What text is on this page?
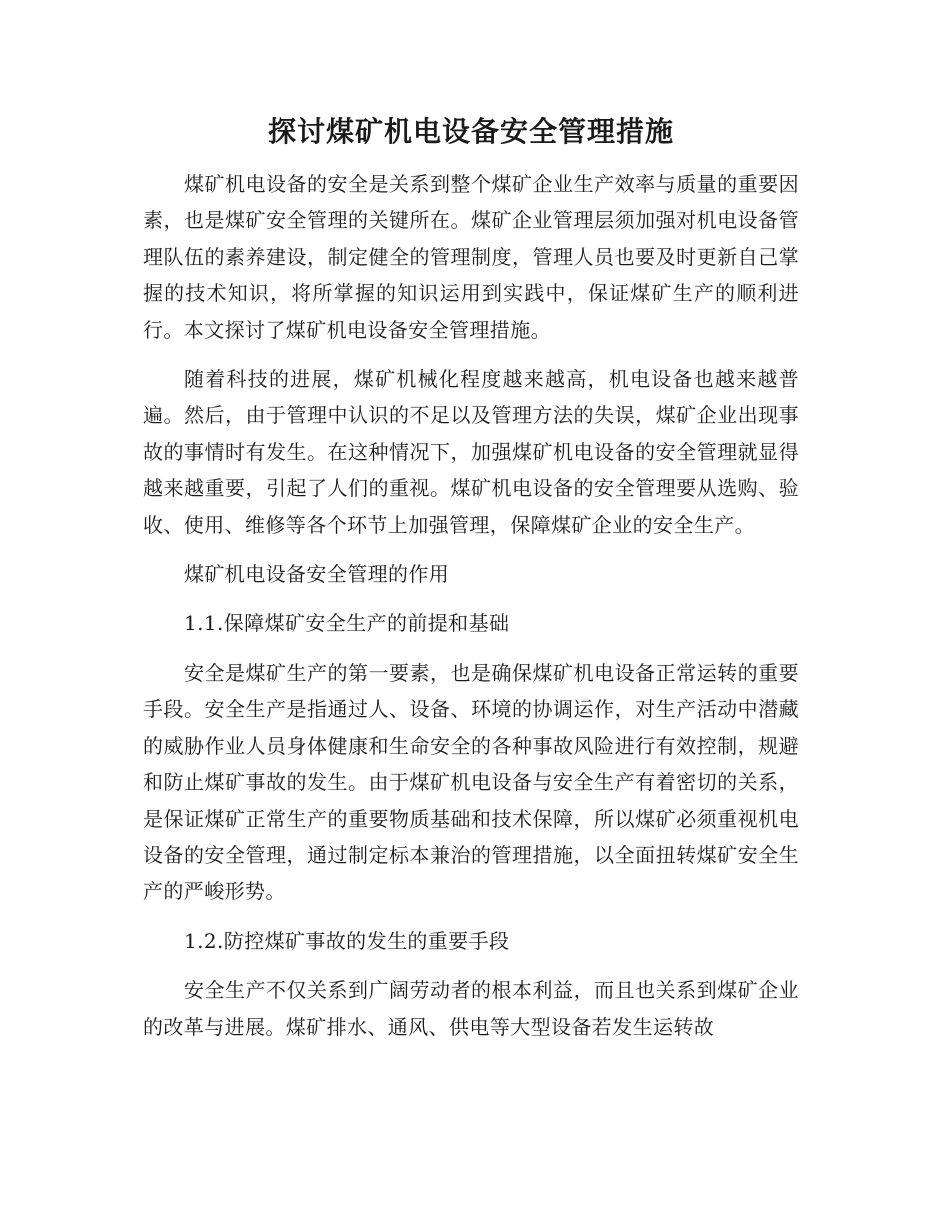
探讨煤矿机电设备安全管理措施

煤矿机电设备的安全是关系到整个煤矿企业生产效率与质量的重要因素，也是煤矿安全管理的关键所在。煤矿企业管理层须加强对机电设备管理队伍的素养建设，制定健全的管理制度，管理人员也要及时更新自己掌握的技术知识，将所掌握的知识运用到实践中，保证煤矿生产的顺利进行。本文探讨了煤矿机电设备安全管理措施。

随着科技的进展，煤矿机械化程度越来越高，机电设备也越来越普遍。然后，由于管理中认识的不足以及管理方法的失误，煤矿企业出现事故的事情时有发生。在这种情况下，加强煤矿机电设备的安全管理就显得越来越重要，引起了人们的重视。煤矿机电设备的安全管理要从选购、验收、使用、维修等各个环节上加强管理，保障煤矿企业的安全生产。

煤矿机电设备安全管理的作用

1.1.保障煤矿安全生产的前提和基础

安全是煤矿生产的第一要素，也是确保煤矿机电设备正常运转的重要手段。安全生产是指通过人、设备、环境的协调运作，对生产活动中潜藏的威胁作业人员身体健康和生命安全的各种事故风险进行有效控制，规避和防止煤矿事故的发生。由于煤矿机电设备与安全生产有着密切的关系，是保证煤矿正常生产的重要物质基础和技术保障，所以煤矿必须重视机电设备的安全管理，通过制定标本兼治的管理措施，以全面扭转煤矿安全生产的严峻形势。

1.2.防控煤矿事故的发生的重要手段

安全生产不仅关系到广阔劳动者的根本利益，而且也关系到煤矿企业的改革与进展。煤矿排水、通风、供电等大型设备若发生运转故
